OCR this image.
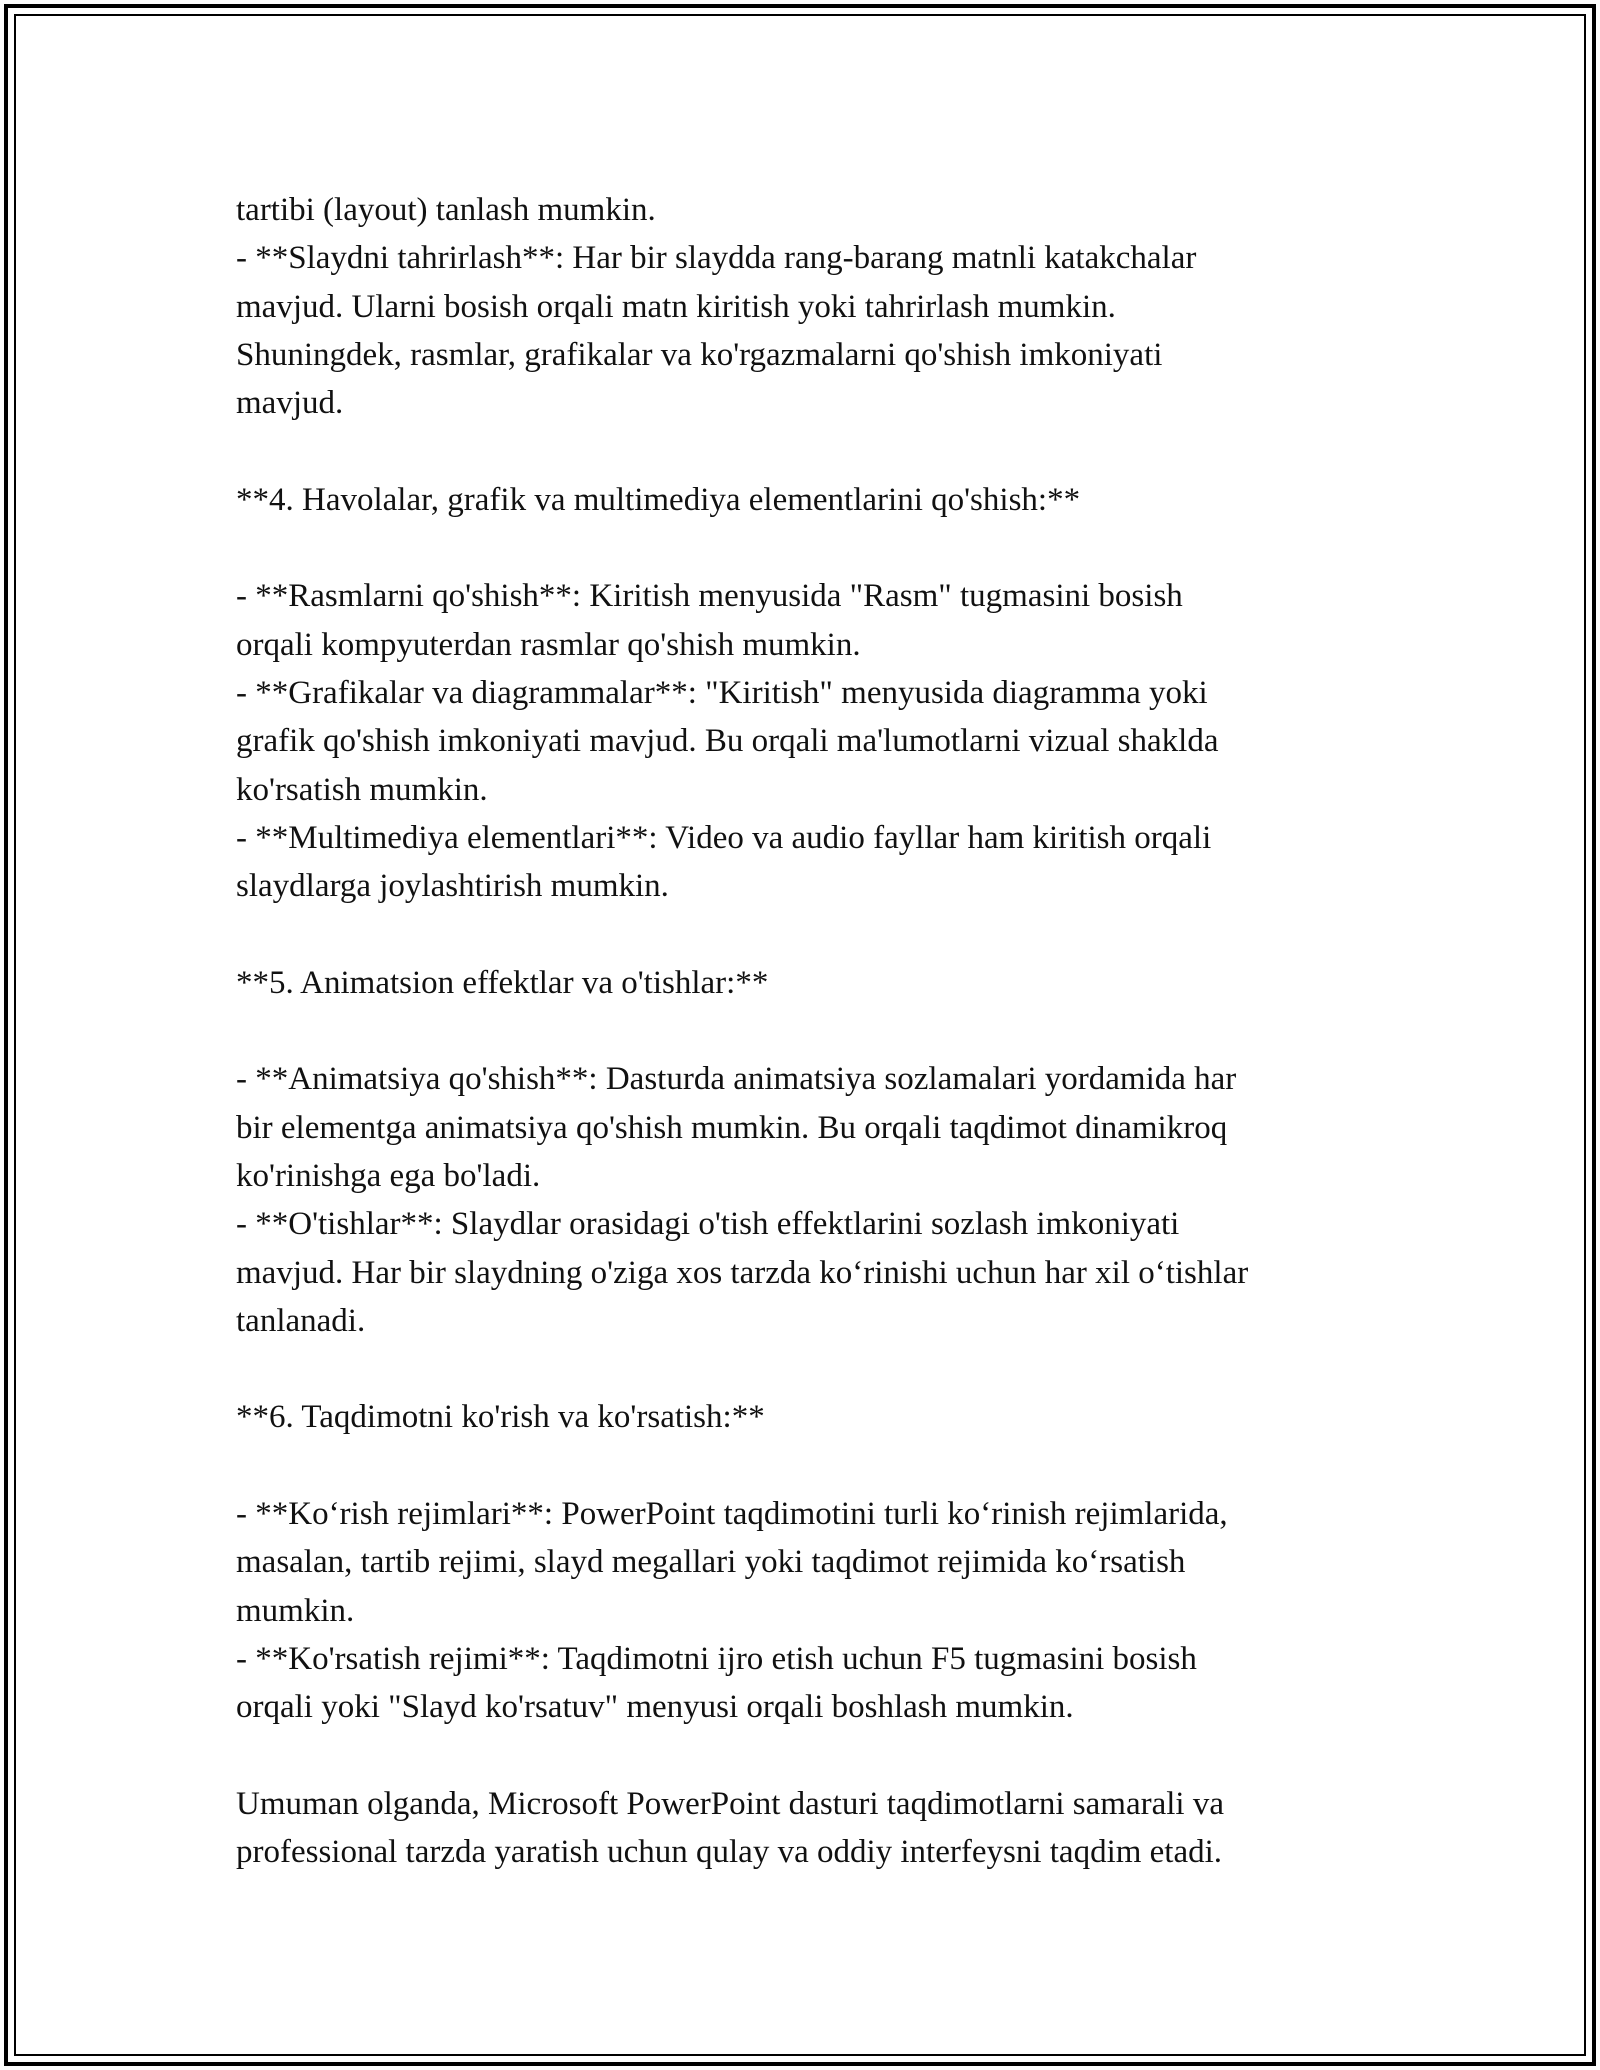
tartibi (layout) tanlash mumkin.
- **Slaydni tahrirlash**: Har bir slaydda rang-barang matnli katakchalar
mavjud. Ularni bosish orqali matn kiritish yoki tahrirlash mumkin.
Shuningdek, rasmlar, grafikalar va ko'rgazmalarni qo'shish imkoniyati
mavjud.
**4. Havolalar, grafik va multimediya elementlarini qo'shish:**
- **Rasmlarni qo'shish**: Kiritish menyusida "Rasm" tugmasini bosish
orqali kompyuterdan rasmlar qo'shish mumkin.
- **Grafikalar va diagrammalar**: "Kiritish" menyusida diagramma yoki
grafik qo'shish imkoniyati mavjud. Bu orqali ma'lumotlarni vizual shaklda
ko'rsatish mumkin.
- **Multimediya elementlari**: Video va audio fayllar ham kiritish orqali
slaydlarga joylashtirish mumkin.
**5. Animatsion effektlar va o'tishlar:**
- **Animatsiya qo'shish**: Dasturda animatsiya sozlamalari yordamida har
bir elementga animatsiya qo'shish mumkin. Bu orqali taqdimot dinamikroq
ko'rinishga ega bo'ladi.
- **O'tishlar**: Slaydlar orasidagi o'tish effektlarini sozlash imkoniyati
mavjud. Har bir slaydning o'ziga xos tarzda ko‘rinishi uchun har xil o‘tishlar
tanlanadi.
**6. Taqdimotni ko'rish va ko'rsatish:**
- **Ko‘rish rejimlari**: PowerPoint taqdimotini turli ko‘rinish rejimlarida,
masalan, tartib rejimi, slayd megallari yoki taqdimot rejimida ko‘rsatish
mumkin.
- **Ko'rsatish rejimi**: Taqdimotni ijro etish uchun F5 tugmasini bosish
orqali yoki "Slayd ko'rsatuv" menyusi orqali boshlash mumkin.
Umuman olganda, Microsoft PowerPoint dasturi taqdimotlarni samarali va
professional tarzda yaratish uchun qulay va oddiy interfeysni taqdim etadi.
